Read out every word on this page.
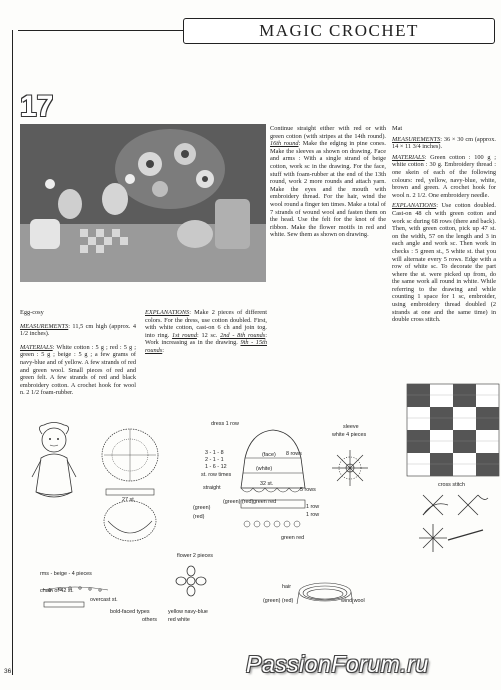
MAGIC CROCHET
17

Egg-cosy

MEASUREMENTS: 11,5 cm high (approx. 4 1/2 inches).

MATERIALS: White cotton : 5 g ; red : 5 g ; green : 5 g ; beige : 5 g ; a few grams of navy-blue and of yellow. A few strands of red and green wool. Small pieces of red and green felt. A few strands of red and black embroidery cotton. A crochet hook for wool n. 2 1/2 foam-rubber.

EXPLANATIONS: Make 2 pieces of different colors. For the dress, use cotton doubled. First, with white cotton, cast-on 6 ch and join tog. into ring. 1st round: 12 sc. 2nd - 8th rounds: Work increasing as in the drawing. 9th - 15th rounds:

Continue straight either with red or with green cotton (with stripes at the 14th round). 16th round: Make the edging in pine cones. Make the sleeves as shown on drawing. Face and arms : With a single strand of beige cotton, work sc in the drawing. For the face, stuff with foam-rubber at the end of the 13th round, work 2 more rounds and attach yarn. Make the eyes and the mouth with embroidery thread. For the hair, wind the wool round a finger ten times. Make a total of 7 strands of wound wool and fasten them on the head. Use the felt for the knot of the ribbon. Make the flower motifs in red and white. Sew them as shown on drawing.

Mat

MEASUREMENTS: 36 × 30 cm (approx. 14 × 11 3/4 inches).

MATERIALS: Green cotton : 100 g ; white cotton : 30 g. Embroidery thread : one skein of each of the following colours: red, yellow, navy-blue, white, brown and green. A crochet hook for wool n. 2 1/2. One embroidery needle.

EXPLANATIONS: Use cotton doubled. Cast-on 48 ch with green cotton and work sc during 68 rows (there and back). Then, with green cotton, pick up 47 st. on the width, 57 on the length and 3 in each angle and work sc. Then work in checks : 5 green st., 5 white st. that you will alternate every 5 rows. Edge with a row of white sc. To decorate the part where the st. were picked up from, do the same work all round in white. While referring to the drawing and while counting 1 space for 1 sc, embroider, using embroidery thread doubled (2 strands at one and the same time) in double cross stitch.

27 st.
dress 1 row
3 - 1 - 8
2 - 1 - 1
1 - 6 - 12
st. row times
(face) 8 rows
(white)
straight
32 st.
5 rows
(green) (red) green red
(green)
(red)
1 row
1 row
green red
sleeve
white 4 pieces
cross stitch
flower 2 pieces
hair
(green) (red)	wind wool
rms - beige - 4 pieces
chain of 42 st.
overcast st.
bold-faced types
others
yellow navy-blue
red white
36	PassionForum.ru
